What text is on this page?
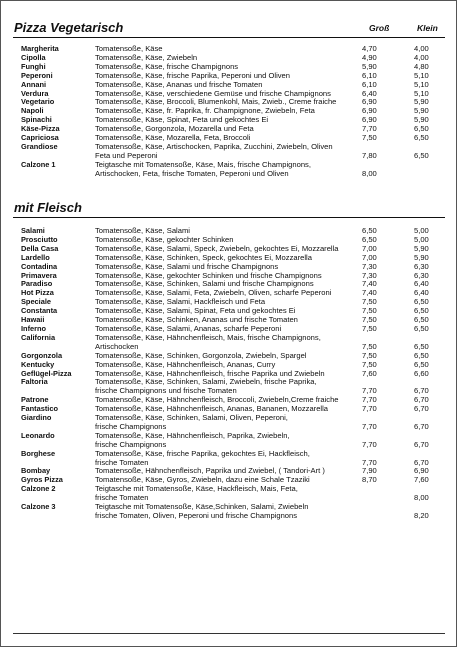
Pizza Vegetarisch	Groß	Klein
Margherita	Tomatensoße, Käse	4,70	4,00
Cipolla	Tomatensoße, Käse, Zwiebeln	4,90	4,00
Funghi	Tomatensoße, Käse, frische Champignons	5,90	4,80
Peperoni	Tomatensoße, Käse, frische Paprika, Peperoni und Oliven	6,10	5,10
Annani	Tomatensoße, Käse, Ananas und frische Tomaten	6,10	5,10
Verdura	Tomatensoße, Käse, verschiedene Gemüse und frische Champignons	6,40	5,10
Vegetario	Tomatensoße, Käse, Broccoli, Blumenkohl, Mais, Zwieb., Creme fraiche	6,90	5,90
Napoli	Tomatensoße, Käse, fr. Paprika, fr. Champignone, Zwiebeln, Feta	6,90	5,90
Spinachi	Tomatensoße, Käse, Spinat, Feta und gekochtes Ei	6,90	5,90
Käse-Pizza	Tomatensoße, Gorgonzola, Mozarella und Feta	7,70	6,50
Capriciosa	Tomatensoße, Käse, Mozarella, Feta, Broccoli	7,50	6,50
Grandiose	Tomatensoße, Käse, Artischocken, Paprika, Zucchini, Zwiebeln, Oliven
Feta und Peperoni	7,80	6,50
Calzone 1	Teigtasche mit Tomatensoße, Käse, Mais, frische Champignons,
Artischocken, Feta, frische Tomaten, Peperoni und Oliven	8,00
mit Fleisch
Salami	Tomatensoße, Käse, Salami	6,50	5,00
Prosciutto	Tomatensoße, Käse, gekochter Schinken	6,50	5,00
Della Casa	Tomatensoße, Käse, Salami, Speck, Zwiebeln, gekochtes Ei, Mozzarella	7,00	5,90
Lardello	Tomatensoße, Käse, Schinken, Speck, gekochtes Ei, Mozzarella	7,00	5,90
Contadina	Tomatensoße, Käse, Salami und frische Champignons	7,30	6,30
Primavera	Tomatensoße, Käse, gekochter Schinken und frische Champignons	7,30	6,30
Paradiso	Tomatensoße, Käse, Schinken, Salami und frische Champignons	7,40	6,40
Hot Pizza	Tomatensoße, Käse, Salami, Feta, Zwiebeln, Oliven, scharfe Peperoni	7,40	6,40
Speciale	Tomatensoße, Käse, Salami, Hackfleisch und Feta	7,50	6,50
Constanta	Tomatensoße, Käse, Salami, Spinat, Feta und gekochtes Ei	7,50	6,50
Hawaii	Tomatensoße, Käse, Schinken, Ananas und frische Tomaten	7,50	6,50
Inferno	Tomatensoße, Käse, Salami, Ananas, scharfe Peperoni	7,50	6,50
California	Tomatensoße, Käse, Hähnchenfleisch, Mais, frische Champignons,
Artischocken	7,50	6,50
Gorgonzola	Tomatensoße, Käse, Schinken, Gorgonzola, Zwiebeln, Spargel	7,50	6,50
Kentucky	Tomatensoße, Käse, Hähnchenfleisch, Ananas, Curry	7,50	6,50
Geflügel-Pizza	Tomatensoße, Käse, Hähnchenfleisch, frische Paprika und Zwiebeln	7,60	6,60
Faltoria	Tomatensoße, Käse, Schinken, Salami, Zwiebeln, frische Paprika,
frische Champignons und frische Tomaten	7,70	6,70
Patrone	Tomatensoße, Käse, Hähnchenfleisch, Broccoli, Zwiebeln,Creme fraiche	7,70	6,70
Fantastico	Tomatensoße, Käse, Hähnchenfleisch, Ananas, Bananen, Mozzarella	7,70	6,70
Giardino	Tomatensoße, Käse, Schinken, Salami, Oliven, Peperoni,
frische Champignons	7,70	6,70
Leonardo	Tomatensoße, Käse, Hähnchenfleisch, Paprika, Zwiebeln,
frische Champignons	7,70	6,70
Borghese	Tomatensoße, Käse, frische Paprika, gekochtes Ei, Hackfleisch,
frische Tomaten	7,70	6,70
Bombay	Tomatensoße, Hähnchenfleisch, Paprika und Zwiebel, ( Tandori-Art )	7,90	6,90
Gyros Pizza	Tomatensoße, Käse, Gyros, Zwiebeln, dazu eine Schale Tzaziki	8,70	7,60
Calzone 2	Teigtasche mit Tomatensoße, Käse, Hackfleisch, Mais, Feta,
frische Tomaten	8,00
Calzone 3	Teigtasche mit Tomatensoße, Käse,Schinken, Salami, Zwiebeln
frische Tomaten, Oliven, Peperoni und frische Champignons	8,20
